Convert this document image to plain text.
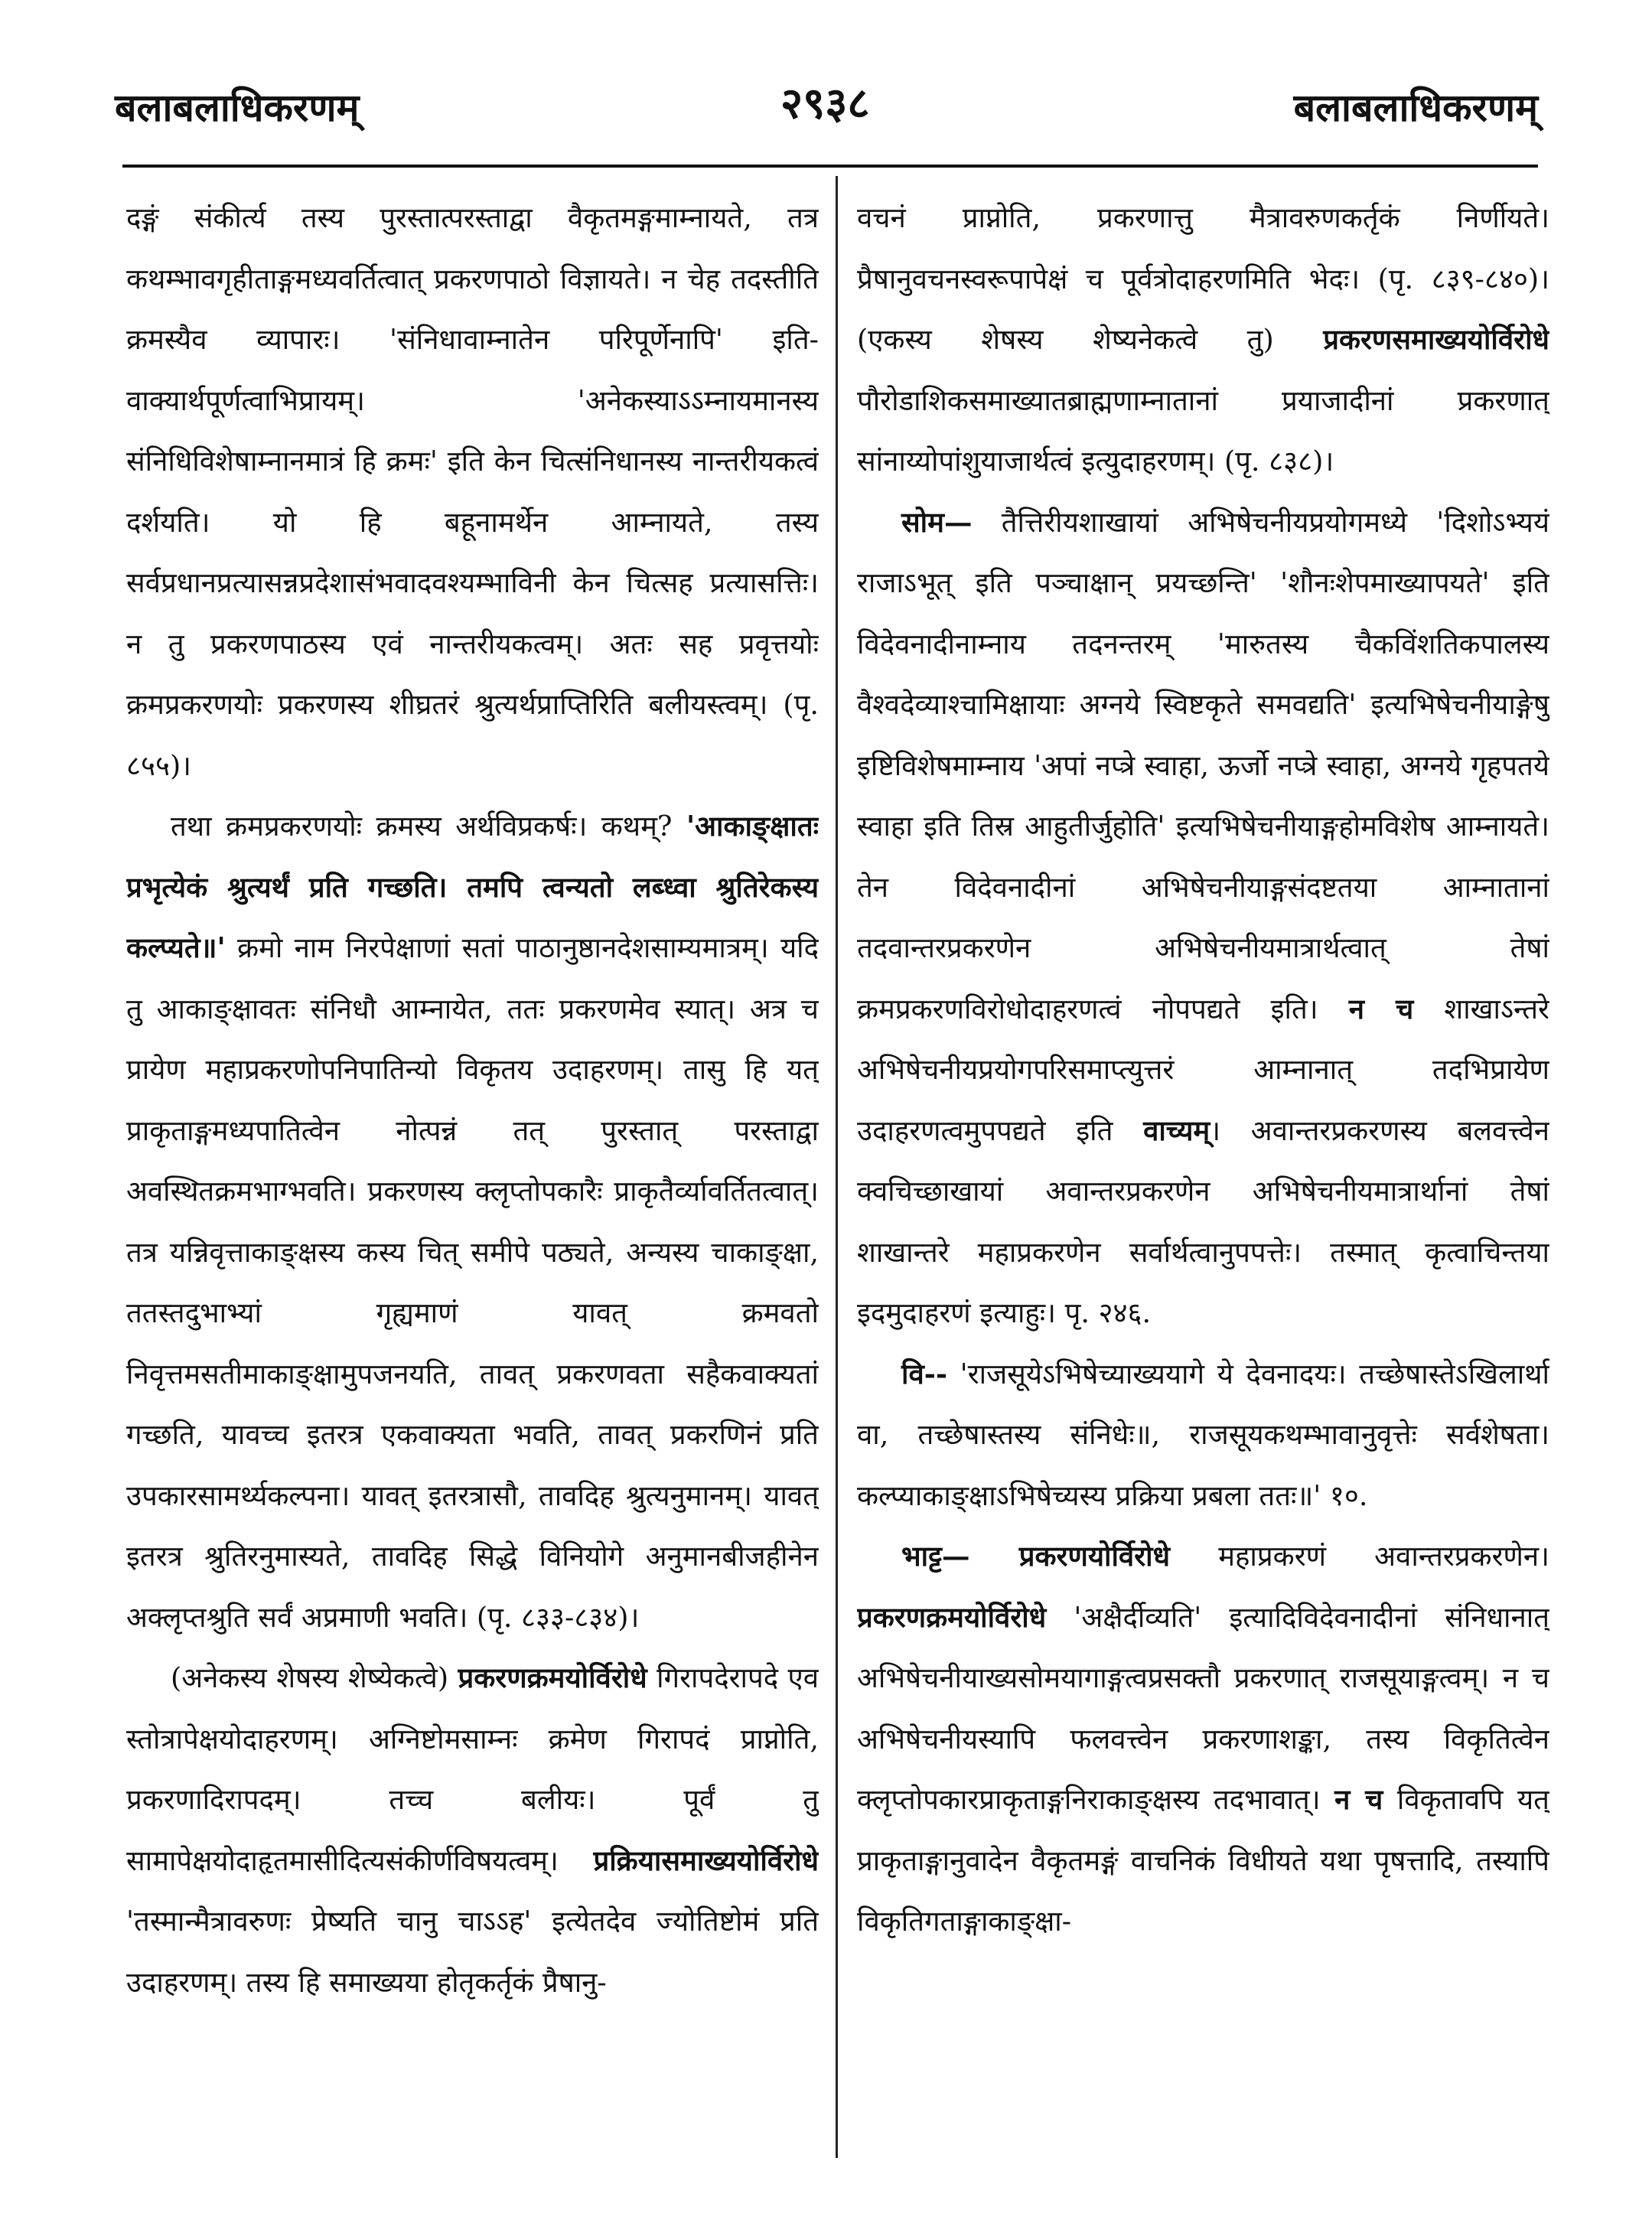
बलाबलाधिकरणम्	२९३८	बलाबलाधिकरणम्

दङ्गं संकीर्त्य तस्य पुरस्तात्परस्ताद्वा वैकृतमङ्गमाम्नायते, तत्र कथम्भावगृहीताङ्गमध्यवर्तित्वात् प्रकरणपाठो विज्ञायते। न चेह तदस्तीति क्रमस्यैव व्यापारः। 'संनिधावाम्नातेन परिपूर्णेनापि' इति-वाक्यार्थपूर्णत्वाभिप्रायम्। 'अनेकस्याऽऽम्नायमानस्य संनिधिविशेषाम्नानमात्रं हि क्रमः' इति केन चित्संनिधानस्य नान्तरीयकत्वं दर्शयति। यो हि बहूनामर्थेन आम्नायते, तस्य सर्वप्रधानप्रत्यासन्नप्रदेशासंभवादवश्यम्भाविनी केन चित्सह प्रत्यासत्तिः। न तु प्रकरणपाठस्य एवं नान्तरीयकत्वम्। अतः सह प्रवृत्तयोः क्रमप्रकरणयोः प्रकरणस्य शीघ्रतरं श्रुत्यर्थप्राप्तिरिति बलीयस्त्वम्। (पृ. ८५५)।

तथा क्रमप्रकरणयोः क्रमस्य अर्थविप्रकर्षः। कथम्? 'आकाङ्क्षातः प्रभृत्येकं श्रुत्यर्थं प्रति गच्छति। तमपि त्वन्यतो लब्ध्वा श्रुतिरेकस्य कल्प्यते॥' क्रमो नाम निरपेक्षाणां सतां पाठानुष्ठानदेशसाम्यमात्रम्। यदि तु आकाङ्क्षावतः संनिधौ आम्नायेत, ततः प्रकरणमेव स्यात्। अत्र च प्रायेण महाप्रकरणोपनिपातिन्यो विकृतय उदाहरणम्। तासु हि यत् प्राकृताङ्गमध्यपातित्वेन नोत्पन्नं तत् पुरस्तात् परस्ताद्वा अवस्थितक्रमभाग्भवति। प्रकरणस्य क्लृप्तोपकारैः प्राकृतैर्व्यावर्तितत्वात्। तत्र यन्निवृत्ताकाङ्क्षस्य कस्य चित् समीपे पठ्यते, अन्यस्य चाकाङ्क्षा, ततस्तदुभाभ्यां गृह्यमाणं यावत् क्रमवतो निवृत्तमसतीमाकाङ्क्षामुपजनयति, तावत् प्रकरणवता सहैकवाक्यतां गच्छति, यावच्च इतरत्र एकवाक्यता भवति, तावत् प्रकरणिनं प्रति उपकारसामर्थ्यकल्पना। यावत् इतरत्रासौ, तावदिह श्रुत्यनुमानम्। यावत् इतरत्र श्रुतिरनुमास्यते, तावदिह सिद्धे विनियोगे अनुमानबीजहीनेन अक्लृप्तश्रुति सर्वं अप्रमाणी भवति। (पृ. ८३३-८३४)।

(अनेकस्य शेषस्य शेष्येकत्वे) प्रकरणक्रमयोर्विरोधे गिरापदेरापदे एव स्तोत्रापेक्षयोदाहरणम्। अग्निष्टोमसाम्नः क्रमेण गिरापदं प्राप्नोति, प्रकरणादिरापदम्। तच्च बलीयः। पूर्वं तु सामापेक्षयोदाहृतमासीदित्यसंकीर्णविषयत्वम्। प्रक्रियासमाख्ययोर्विरोधे 'तस्मान्मैत्रावरुणः प्रेष्यति चानु चाऽऽह' इत्येतदेव ज्योतिष्टोमं प्रति उदाहरणम्। तस्य हि समाख्यया होतृकर्तृकं प्रैषानु-

वचनं प्राप्नोति, प्रकरणात्तु मैत्रावरुणकर्तृकं निर्णीयते। प्रैषानुवचनस्वरूपापेक्षं च पूर्वत्रोदाहरणमिति भेदः। (पृ. ८३९-८४०)। (एकस्य शेषस्य शेष्यनेकत्वे तु) प्रकरणसमाख्ययोर्विरोधे पौरोडाशिकसमाख्यातब्राह्मणाम्नातानां प्रयाजादीनां प्रकरणात् सांनाय्योपांशुयाजार्थत्वं इत्युदाहरणम्। (पृ. ८३८)।

सोम— तैत्तिरीयशाखायां अभिषेचनीयप्रयोगमध्ये 'दिशोऽभ्ययं राजाऽभूत् इति पञ्चाक्षान् प्रयच्छन्ति' 'शौनःशेपमाख्यापयते' इति विदेवनादीनाम्नाय तदनन्तरम् 'मारुतस्य चैकविंशतिकपालस्य वैश्वदेव्याश्चामिक्षायाः अग्नये स्विष्टकृते समवद्यति' इत्यभिषेचनीयाङ्गेषु इष्टिविशेषमाम्नाय 'अपां नप्त्रे स्वाहा, ऊर्जो नप्त्रे स्वाहा, अग्नये गृहपतये स्वाहा इति तिस्र आहुतीर्जुहोति' इत्यभिषेचनीयाङ्गहोमविशेष आम्नायते। तेन विदेवनादीनां अभिषेचनीयाङ्गसंदष्टतया आम्नातानां तदवान्तरप्रकरणेन अभिषेचनीयमात्रार्थत्वात् तेषां क्रमप्रकरणविरोधोदाहरणत्वं नोपपद्यते इति। न च शाखाऽन्तरे अभिषेचनीयप्रयोगपरिसमाप्त्युत्तरं आम्नानात् तदभिप्रायेण उदाहरणत्वमुपपद्यते इति वाच्यम्। अवान्तरप्रकरणस्य बलवत्त्वेन क्वचिच्छाखायां अवान्तरप्रकरणेन अभिषेचनीयमात्रार्थानां तेषां शाखान्तरे महाप्रकरणेन सर्वार्थत्वानुपपत्तेः। तस्मात् कृत्वाचिन्तया इदमुदाहरणं इत्याहुः। पृ. २४६.

वि-- 'राजसूयेऽभिषेच्याख्ययागे ये देवनादयः। तच्छेषास्तेऽखिलार्था वा, तच्छेषास्तस्य संनिधेः॥, राजसूयकथम्भावानुवृत्तेः सर्वशेषता। कल्प्याकाङ्क्षाऽभिषेच्यस्य प्रक्रिया प्रबला ततः॥' १०.

भाट्ट— प्रकरणयोर्विरोधे महाप्रकरणं अवान्तरप्रकरणेन। प्रकरणक्रमयोर्विरोधे 'अक्षैर्दीव्यति' इत्यादिविदेवनादीनां संनिधानात् अभिषेचनीयाख्यसोमयागाङ्गत्वप्रसक्तौ प्रकरणात् राजसूयाङ्गत्वम्। न च अभिषेचनीयस्यापि फलवत्त्वेन प्रकरणाशङ्का, तस्य विकृतित्वेन क्लृप्तोपकारप्राकृताङ्गनिराकाङ्क्षस्य तदभावात्। न च विकृतावपि यत् प्राकृताङ्गानुवादेन वैकृतमङ्गं वाचनिकं विधीयते यथा पृषत्तादि, तस्यापि विकृतिगताङ्गाकाङ्क्षा-
